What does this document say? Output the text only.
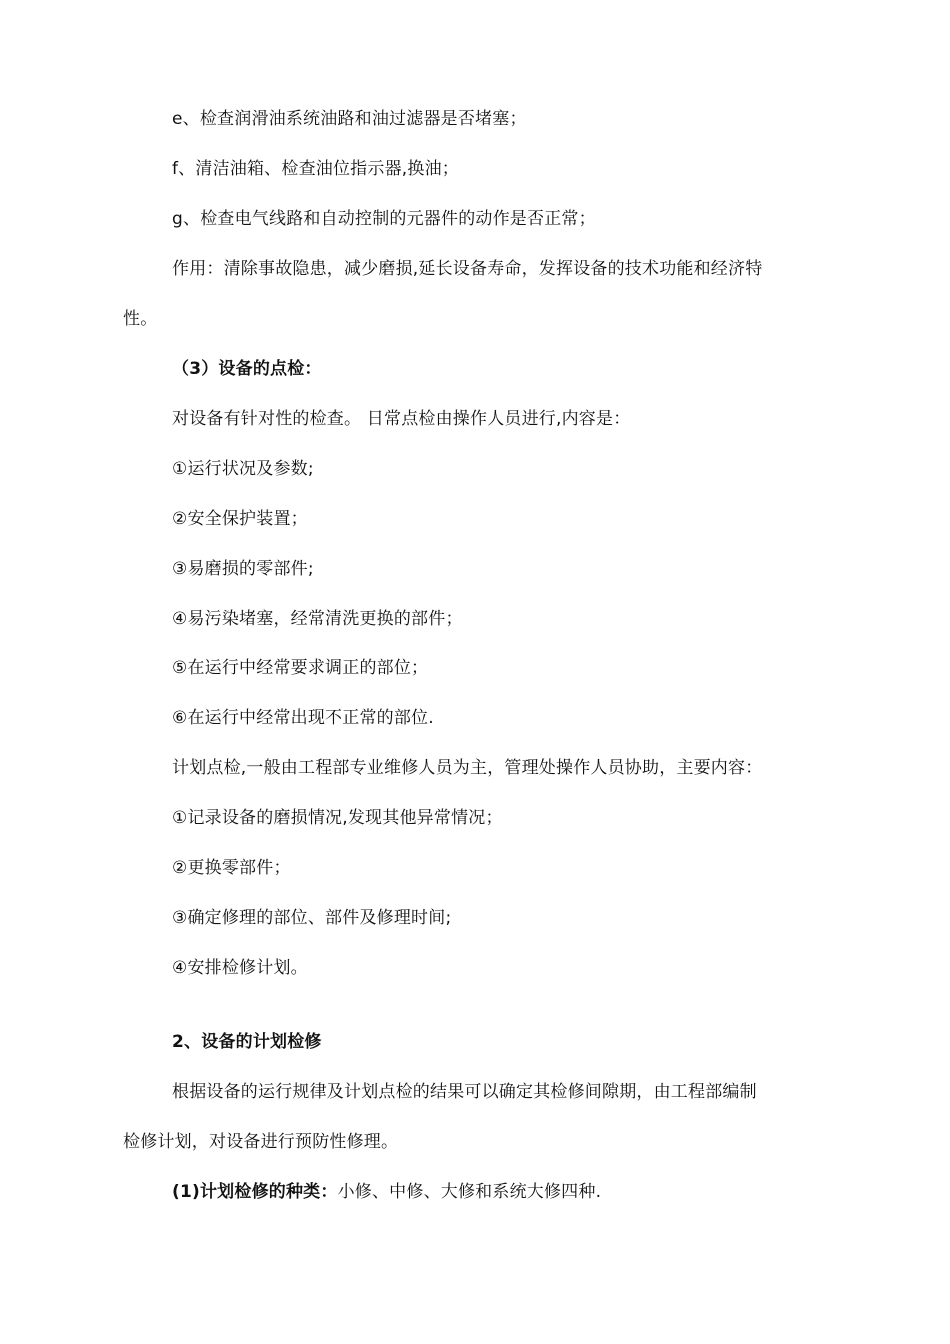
e、检查润滑油系统油路和油过滤器是否堵塞；
f、清洁油箱、检查油位指示器,换油；
g、检查电气线路和自动控制的元器件的动作是否正常；
作用：清除事故隐患，减少磨损,延长设备寿命，发挥设备的技术功能和经济特
性。
（3）设备的点检：
对设备有针对性的检查。 日常点检由操作人员进行,内容是：
①运行状况及参数;
②安全保护装置；
③易磨损的零部件;
④易污染堵塞，经常清洗更换的部件；
⑤在运行中经常要求调正的部位；
⑥在运行中经常出现不正常的部位.
计划点检,一般由工程部专业维修人员为主，管理处操作人员协助，主要内容：
①记录设备的磨损情况,发现其他异常情况；
②更换零部件；
③确定修理的部位、部件及修理时间;
④安排检修计划。
2、设备的计划检修
根据设备的运行规律及计划点检的结果可以确定其检修间隙期，由工程部编制
检修计划，对设备进行预防性修理。
(1)计划检修的种类：小修、中修、大修和系统大修四种.
